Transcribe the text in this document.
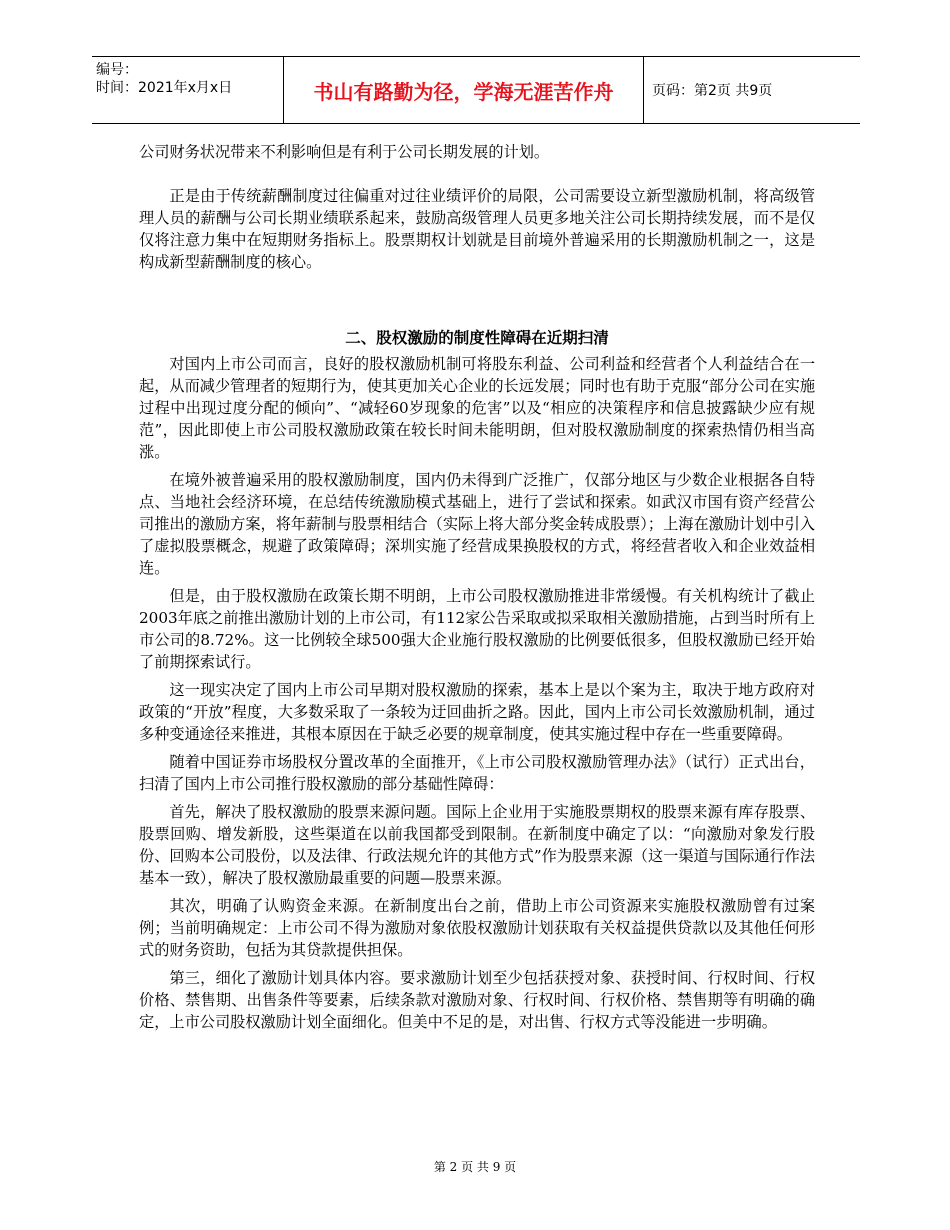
编号：
时间：2021年x月x日	书山有路勤为径，学海无涯苦作舟	页码：第2页 共9页

公司财务状况带来不利影响但是有利于公司长期发展的计划。

正是由于传统薪酬制度过往偏重对过往业绩评价的局限，公司需要设立新型激励机制，将高级管理人员的薪酬与公司长期业绩联系起来，鼓励高级管理人员更多地关注公司长期持续发展，而不是仅仅将注意力集中在短期财务指标上。股票期权计划就是目前境外普遍采用的长期激励机制之一，这是构成新型薪酬制度的核心。

二、股权激励的制度性障碍在近期扫清

对国内上市公司而言，良好的股权激励机制可将股东利益、公司利益和经营者个人利益结合在一起，从而减少管理者的短期行为，使其更加关心企业的长远发展；同时也有助于克服“部分公司在实施过程中出现过度分配的倾向”、“减轻60岁现象的危害”以及“相应的决策程序和信息披露缺少应有规范”，因此即使上市公司股权激励政策在较长时间未能明朗，但对股权激励制度的探索热情仍相当高涨。

在境外被普遍采用的股权激励制度，国内仍未得到广泛推广，仅部分地区与少数企业根据各自特点、当地社会经济环境，在总结传统激励模式基础上，进行了尝试和探索。如武汉市国有资产经营公司推出的激励方案，将年薪制与股票相结合（实际上将大部分奖金转成股票）；上海在激励计划中引入了虚拟股票概念，规避了政策障碍；深圳实施了经营成果换股权的方式，将经营者收入和企业效益相连。

但是，由于股权激励在政策长期不明朗，上市公司股权激励推进非常缓慢。有关机构统计了截止2003年底之前推出激励计划的上市公司，有112家公告采取或拟采取相关激励措施，占到当时所有上市公司的8.72%。这一比例较全球500强大企业施行股权激励的比例要低很多，但股权激励已经开始了前期探索试行。

这一现实决定了国内上市公司早期对股权激励的探索，基本上是以个案为主，取决于地方政府对政策的“开放”程度，大多数采取了一条较为迂回曲折之路。因此，国内上市公司长效激励机制，通过多种变通途径来推进，其根本原因在于缺乏必要的规章制度，使其实施过程中存在一些重要障碍。

随着中国证券市场股权分置改革的全面推开，《上市公司股权激励管理办法》（试行）正式出台，扫清了国内上市公司推行股权激励的部分基础性障碍：

首先，解决了股权激励的股票来源问题。国际上企业用于实施股票期权的股票来源有库存股票、股票回购、增发新股，这些渠道在以前我国都受到限制。在新制度中确定了以：“向激励对象发行股份、回购本公司股份，以及法律、行政法规允许的其他方式”作为股票来源（这一渠道与国际通行作法基本一致），解决了股权激励最重要的问题—股票来源。

其次，明确了认购资金来源。在新制度出台之前，借助上市公司资源来实施股权激励曾有过案例；当前明确规定：上市公司不得为激励对象依股权激励计划获取有关权益提供贷款以及其他任何形式的财务资助，包括为其贷款提供担保。

第三，细化了激励计划具体内容。要求激励计划至少包括获授对象、获授时间、行权时间、行权价格、禁售期、出售条件等要素，后续条款对激励对象、行权时间、行权价格、禁售期等有明确的确定，上市公司股权激励计划全面细化。但美中不足的是，对出售、行权方式等没能进一步明确。

第 2 页 共 9 页
